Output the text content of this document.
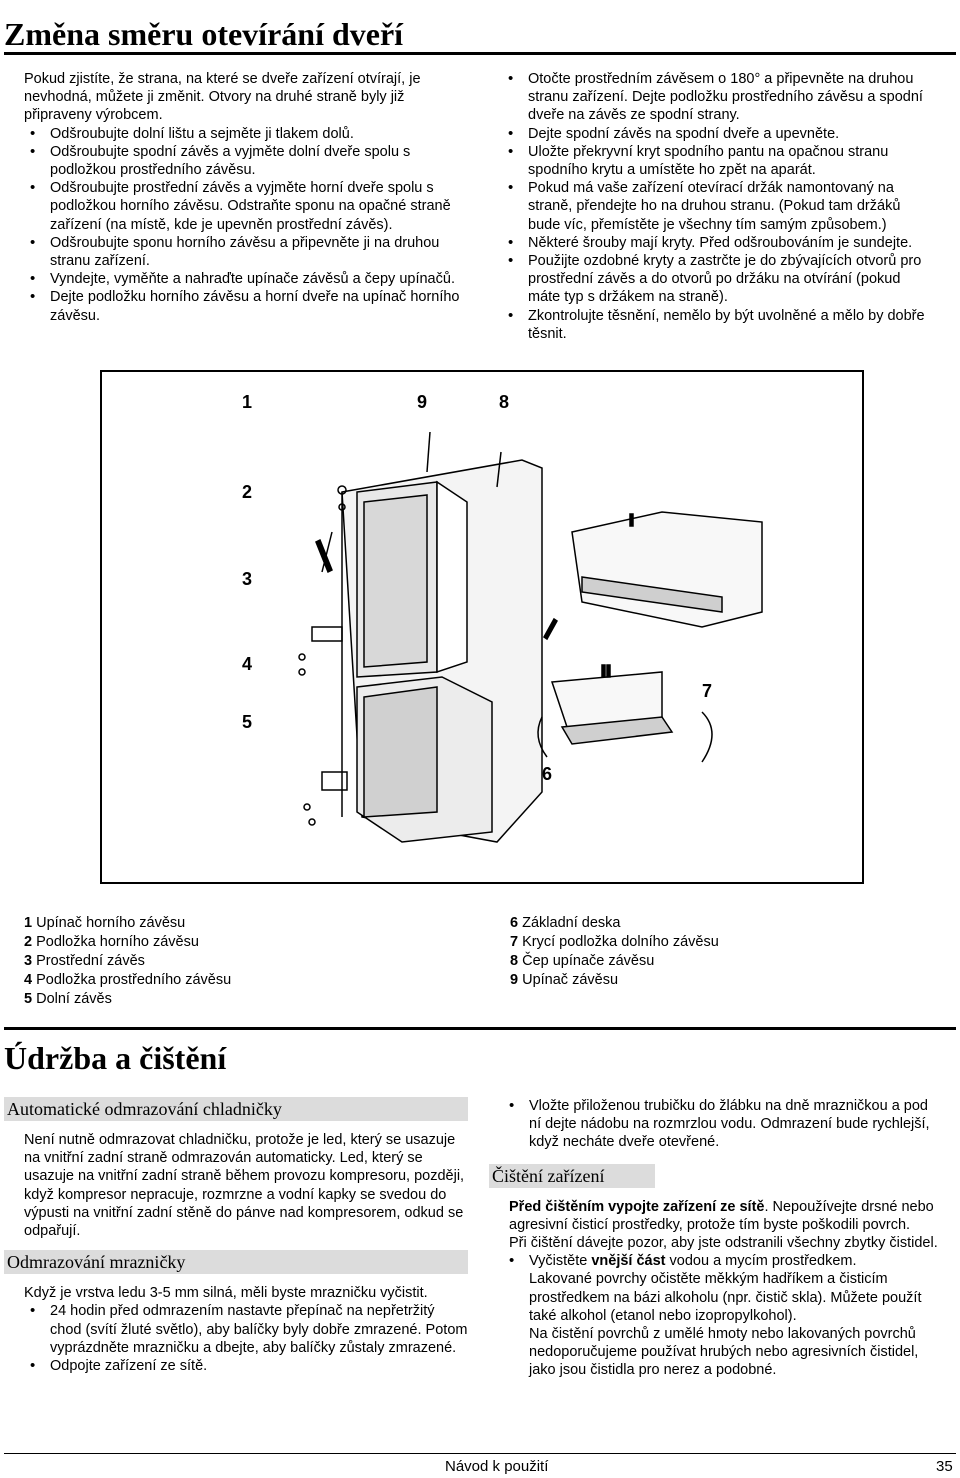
Změna směru otevírání dveří

Pokud zjistíte, že strana, na které se dveře zařízení otvírají, je nevhodná, můžete ji změnit. Otvory na druhé straně byly již připraveny výrobcem.

• Odšroubujte dolní lištu a sejměte ji tlakem dolů.
• Odšroubujte spodní závěs a vyjměte dolní dveře spolu s podložkou prostředního závěsu.
• Odšroubujte prostřední závěs a vyjměte horní dveře spolu s podložkou horního závěsu. Odstraňte sponu na opačné straně zařízení (na místě, kde je upevněn prostřední závěs).
• Odšroubujte sponu horního závěsu a připevněte ji na druhou stranu zařízení.
• Vyndejte, vyměňte a nahraďte upínače závěsů a čepy upínačů.
• Dejte podložku horního závěsu a horní dveře na upínač horního závěsu.
• Otočte prostředním závěsem o 180° a připevněte na druhou stranu zařízení. Dejte podložku prostředního závěsu a spodní dveře na závěs ze spodní strany.
• Dejte spodní závěs na spodní dveře a upevněte.
• Uložte překryvní kryt spodního pantu na opačnou stranu spodního krytu a umístěte ho zpět na aparát.
• Pokud má vaše zařízení otevírací držák namontovaný na straně, přendejte ho na druhou stranu. (Pokud tam držáků bude víc, přemístěte je všechny tím samým způsobem.)
• Některé šrouby mají kryty. Před odšroubováním je sundejte.
• Použijte ozdobné kryty a zastrčte je do zbývajících otvorů pro prostřední závěs a do otvorů po držáku na otvírání (pokud máte typ s držákem na straně).
• Zkontrolujte těsnění, nemělo by být uvolněné a mělo by dobře těsnit.
1	9	8
2
3
4
5
6
7
1 Upínač horního závěsu
2 Podložka horního závěsu
3 Prostřední závěs
4 Podložka prostředního závěsu
5 Dolní závěs
6 Základní deska
7 Krycí podložka dolního závěsu
8 Čep upínače závěsu
9 Upínač závěsu
Údržba a čištění
Automatické odmrazování chladničky

Není nutně odmrazovat chladničku, protože je led, který se usazuje na vnitřní zadní straně odmrazován automaticky. Led, který se usazuje na vnitřní zadní straně během provozu kompresoru, později, když kompresor nepracuje, rozmrzne a vodní kapky se svedou do výpusti na vnitřní zadní stěně do pánve nad kompresorem, odkud se odpařují.

Odmrazování mrazničky

Když je vrstva ledu 3-5 mm silná, měli byste mrazničku vyčistit.

• 24 hodin před odmrazením nastavte přepínač na nepřetržitý chod (svítí žluté světlo), aby balíčky byly dobře zmrazené. Potom vyprázdněte mrazničku a dbejte, aby balíčky zůstaly zmrazené.
• Odpojte zařízení ze sítě.
• Vložte přiloženou trubičku do žlábku na dně mrazničkou a pod ní dejte nádobu na rozmrzlou vodu. Odmrazení bude rychlejší, když necháte dveře otevřené.
Čištění zařízení

Před čištěním vypojte zařízení ze sítě. Nepoužívejte drsné nebo agresivní čisticí prostředky, protože tím byste poškodili povrch.

Při čištění dávejte pozor, aby jste odstranili všechny zbytky čistidel.

• Vyčistěte vnější část vodou a mycím prostředkem.

Lakované povrchy očistěte měkkým hadříkem a čisticím prostředkem na bázi alkoholu (npr. čistič skla). Můžete použít také alkohol (etanol nebo izopropylkohol).

Na čistění povrchů z umělé hmoty nebo lakovaných povrchů nedoporučujeme používat hrubých nebo agresivních čistidel, jako jsou čistidla pro nerez a podobné.

Návod k použití	35
